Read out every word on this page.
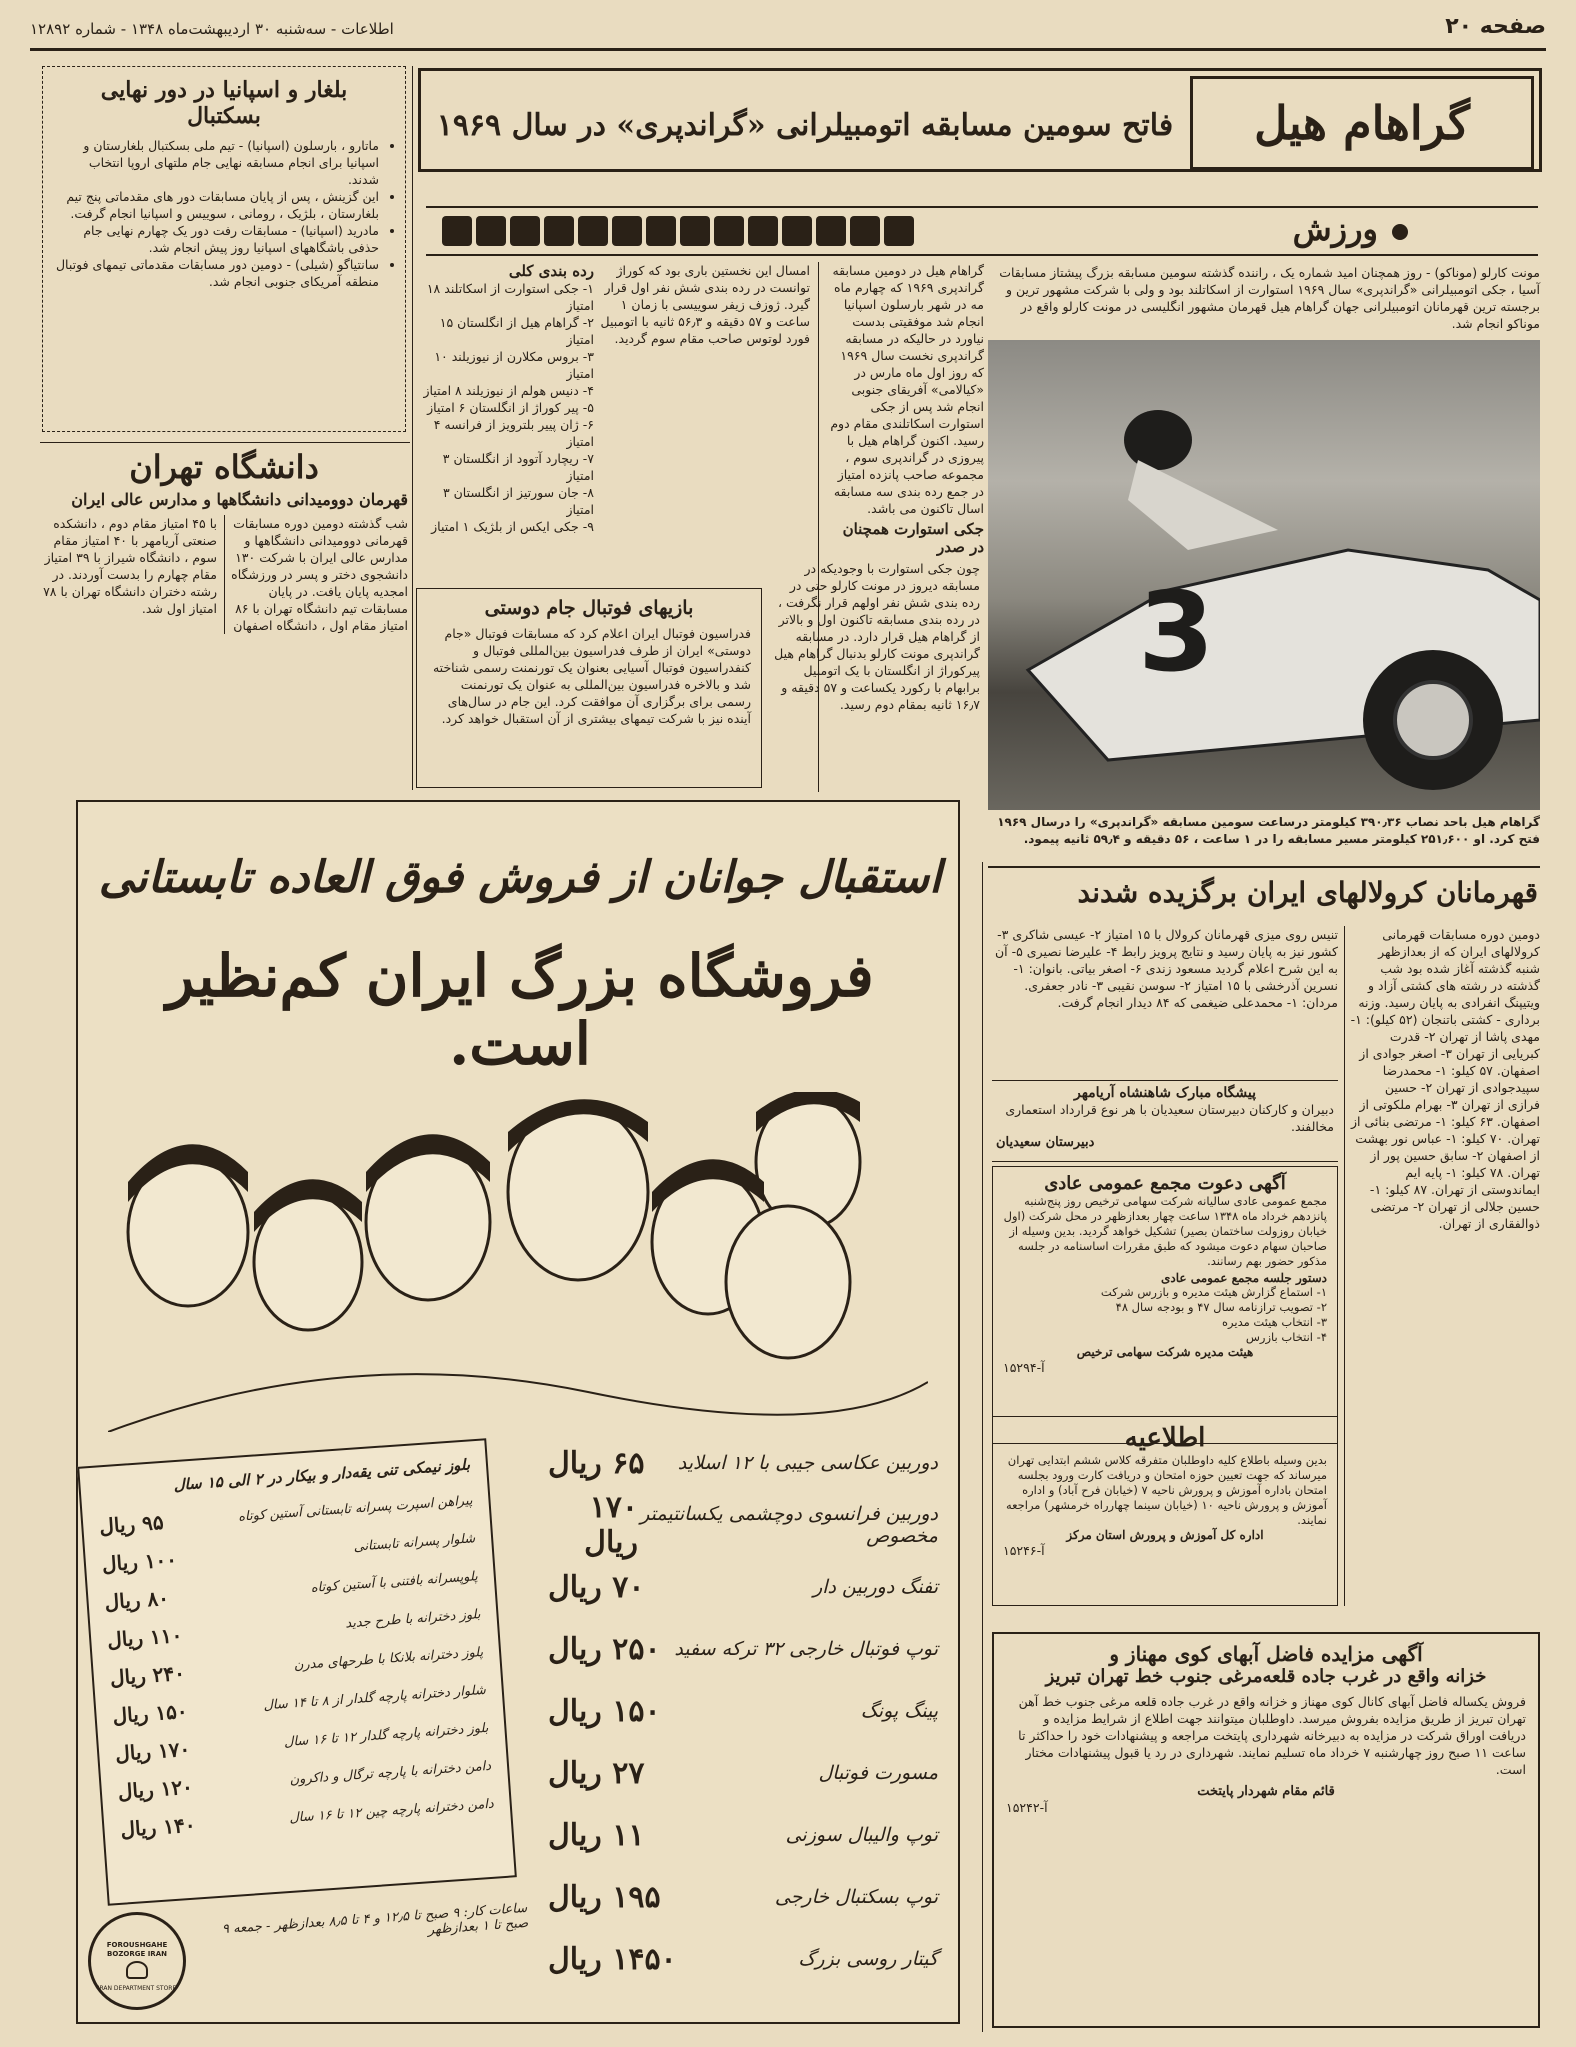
صفحه ۲۰
اطلاعات - سه‌شنبه ۳۰ اردیبهشت‌ماه ۱۳۴۸ - شماره ۱۲۸۹۲
بلغار و اسپانیا در دور نهایی
بسکتبال
• ماتارو ، بارسلون (اسپانیا) - تیم ملی بسکتبال بلغارستان و اسپانیا برای انجام مسابقه نهایی جام ملتهای اروپا انتخاب شدند.
• این گزینش ، پس از پایان مسابقات دور های مقدماتی پنج تیم بلغارستان ، بلژیک ، رومانی ، سوییس و اسپانیا انجام گرفت.
• مادرید (اسپانیا) - مسابقات رفت دور یک چهارم نهایی جام حذفی باشگاههای اسپانیا روز پیش انجام شد.
• سانتیاگو (شیلی) - دومین دور مسابقات مقدماتی تیمهای فوتبال منطقه آمریکای جنوبی انجام شد.
دانشگاه تهران
قهرمان دوومیدانی دانشگاهها و مدارس عالی ایران
شب گذشته دومین دوره مسابقات قهرمانی دوومیدانی دانشگاهها و مدارس عالی ایران با شرکت ۱۳۰ دانشجوی دختر و پسر در ورزشگاه امجدیه پایان یافت. در پایان مسابقات تیم دانشگاه تهران با ۸۶ امتیاز مقام اول ، دانشگاه اصفهان با ۴۵ امتیاز مقام دوم ، دانشکده صنعتی آریامهر با ۴۰ امتیاز مقام سوم ، دانشگاه شیراز با ۳۹ امتیاز مقام چهارم را بدست آوردند. در رشته دختران دانشگاه تهران با ۷۸ امتیاز اول شد.
گراهام هیل
فاتح سومین مسابقه اتومبیلرانی «گراندپری» در سال ۱۹۶۹
ورزش
مونت کارلو (موناکو) - روز همچنان امید شماره یک ، راننده گذشته سومین مسابقه بزرگ پیشتاز مسابقات آسیا ، جکی اتومبیلرانی «گراندپری» سال ۱۹۶۹ استوارت از اسکاتلند بود و ولی با شرکت مشهور ترین و برجسته ترین قهرمانان اتومبیلرانی جهان گراهام هیل قهرمان مشهور انگلیسی در مونت کارلو واقع در موناکو انجام شد.
گراهام هیل در دومین مسابقه گراندپری ۱۹۶۹ که چهارم ماه مه در شهر بارسلون اسپانیا انجام شد موفقیتی بدست نیاورد در حالیکه در مسابقه گراندپری نخست سال ۱۹۶۹ که روز اول ماه مارس در «کیالامی» آفریقای جنوبی انجام شد پس از جکی استوارت اسکاتلندی مقام دوم رسید. اکنون گراهام هیل با پیروزی در گراندپری سوم ، مجموعه صاحب پانزده امتیاز در جمع رده بندی سه مسابقه اسال تاکنون می باشد.
جکی استوارت همچنان در صدر
امسال این نخستین باری بود که کوراژ توانست در رده بندی شش نفر اول قرار گیرد. ژوزف زیفر سوییسی با زمان ۱ ساعت و ۵۷ دقیقه و ۵۶٫۳ ثانیه با اتومبیل فورد لوتوس صاحب مقام سوم گردید.
چون جکی استوارت با وجودیکه در مسابقه دیروز در مونت کارلو حتی در رده بندی شش نفر اولهم قرار نگرفت ، در رده بندی مسابقه تاکنون اول و بالاتر از گراهام هیل قرار دارد. در مسابقه گراندپری مونت کارلو بدنبال گراهام هیل پیرکوراژ از انگلستان با یک اتومبیل برابهام با رکورد یکساعت و ۵۷ دقیقه و ۱۶٫۷ ثانیه بمقام دوم رسید.
رده بندی کلی
۱- جکی استوارت از اسکاتلند ۱۸ امتیاز
۲- گراهام هیل از انگلستان ۱۵ امتیاز
۳- بروس مکلارن از نیوزیلند ۱۰ امتیاز
۴- دنیس هولم از نیوزیلند ۸ امتیاز
۵- پیر کوراژ از انگلستان ۶ امتیاز
۶- ژان پییر بلترویز از فرانسه ۴ امتیاز
۷- ریچارد آتوود از انگلستان ۳ امتیاز
۸- جان سورتیز از انگلستان ۳ امتیاز
۹- جکی ایکس از بلژیک ۱ امتیاز
بازیهای فوتبال جام دوستی
فدراسیون فوتبال ایران اعلام کرد که مسابقات فوتبال «جام دوستی» ایران از طرف فدراسیون بین‌المللی فوتبال و کنفدراسیون فوتبال آسیایی بعنوان یک تورنمنت رسمی شناخته شد و بالاخره فدراسیون بین‌المللی به عنوان یک تورنمنت رسمی برای برگزاری آن موافقت کرد. این جام در سال‌های آینده نیز با شرکت تیمهای بیشتری از آن استقبال خواهد کرد.
3
گراهام هیل باحد نصاب ۳۹۰٫۳۶ کیلومتر درساعت سومین مسابقه «گراندپری» را درسال ۱۹۶۹ فتح کرد. او ۲۵۱٫۶۰۰ کیلومتر مسیر مسابقه را در ۱ ساعت ، ۵۶ دقیقه و ۵۹٫۴ ثانیه پیمود.
استقبال جوانان از فروش فوق العاده تابستانی
فروشگاه بزرگ ایران کم‌نظیر است.
دوربین عکاسی جیبی با ۱۲ اسلاید
۶۵ ریال
دوربین فرانسوی دوچشمی یکسانتیمتر مخصوص
۱۷۰ ریال
تفنگ دوربین دار
۷۰ ریال
توپ فوتبال خارجی ۳۲ ترکه سفید
۲۵۰ ریال
پینگ پونگ
۱۵۰ ریال
مسورت فوتبال
۲۷ ریال
توپ والیبال سوزنی
۱۱ ریال
توپ بسکتبال خارجی
۱۹۵ ریال
گیتار روسی بزرگ
۱۴۵۰ ریال
بلوز نیمکی تنی یقه‌دار و بیکار در ۲ الی ۱۵ سال
پیراهن اسپرت پسرانه تابستانی آستین کوتاه
۹۵ ریال
شلوار پسرانه تابستانی
۱۰۰ ریال
پلوپسرانه بافتنی با آستین کوتاه
۸۰ ریال
بلوز دخترانه با طرح جدید
۱۱۰ ریال
پلوز دخترانه بلانکا با طرحهای مدرن
۲۴۰ ریال
شلوار دخترانه پارچه گلدار از ۸ تا ۱۴ سال
۱۵۰ ریال
بلوز دخترانه پارچه گلدار ۱۲ تا ۱۶ سال
۱۷۰ ریال
دامن دخترانه با پارچه ترگال و داکرون
۱۲۰ ریال
دامن دخترانه پارچه چین ۱۲ تا ۱۶ سال
۱۴۰ ریال
ساعات کار: ۹ صبح تا ۱۲٫۵ و ۴ تا ۸٫۵ بعدازظهر - جمعه ۹ صبح تا ۱ بعدازظهر
FOROUSHGAHE BOZORGE IRAN
IRAN DEPARTMENT STORE
قهرمانان کرولالهای ایران برگزیده شدند
دومین دوره مسابقات قهرمانی کرولالهای ایران که از بعدازظهر شنبه گذشته آغاز شده بود شب گذشته در رشته های کشتی آزاد و ویتیپنگ انفرادی به پایان رسید. وزنه برداری - کشتی باتنجان (۵۲ کیلو): ۱- مهدی پاشا از تهران ۲- قدرت کبریایی از تهران ۳- اصغر جوادی از اصفهان. ۵۷ کیلو: ۱- محمدرضا سپیدجوادی از تهران ۲- حسین فرازی از تهران ۳- بهرام ملکوتی از اصفهان. ۶۳ کیلو: ۱- مرتضی بنائی از تهران. ۷۰ کیلو: ۱- عباس نور بهشت از اصفهان ۲- سابق حسین پور از تهران. ۷۸ کیلو: ۱- پایه ایم ایماندوستی از تهران. ۸۷ کیلو: ۱- حسین جلالی از تهران ۲- مرتضی ذوالفقاری از تهران.
تنیس روی میزی قهرمانان کرولال با ۱۵ امتیاز ۲- عیسی شاکری ۳- کشور نیز به پایان رسید و نتایج پرویز رابط ۴- علیرضا نصیری ۵- آن به این شرح اعلام گردید مسعود زندی ۶- اصغر بیاتی. بانوان: ۱- نسرین آذرخشی با ۱۵ امتیاز ۲- سوسن نقیبی ۳- نادر جعفری. مردان: ۱- محمدعلی ضیغمی که ۸۴ دیدار انجام گرفت.
پیشگاه مبارک شاهنشاه آریامهر
دبیران و کارکنان دبیرستان سعیدیان با هر نوع قرارداد استعماری مخالفند.
دبیرستان سعیدیان
آگهی دعوت مجمع عمومی عادی
مجمع عمومی عادی سالیانه شرکت سهامی ترخیص روز پنج‌شنبه پانزدهم خرداد ماه ۱۳۴۸ ساعت چهار بعدازظهر در محل شرکت (اول خیابان روزولت ساختمان بصیر) تشکیل خواهد گردید. بدین وسیله از صاحبان سهام دعوت میشود که طبق مقررات اساسنامه در جلسه مذکور حضور بهم رسانند.
دستور جلسه مجمع عمومی عادی
۱- استماع گزارش هیئت مدیره و بازرس شرکت
۲- تصویب ترازنامه سال ۴۷ و بودجه سال ۴۸
۳- انتخاب هیئت مدیره
۴- انتخاب بازرس
هیئت مدیره شرکت سهامی ترخیص
آ-۱۵۲۹۴
اطلاعیه
بدین وسیله باطلاع کلیه داوطلبان متفرقه کلاس ششم ابتدایی تهران میرساند که جهت تعیین حوزه امتحان و دریافت کارت ورود بجلسه امتحان باداره آموزش و پرورش ناحیه ۷ (خیابان فرح آباد) و اداره آموزش و پرورش ناحیه ۱۰ (خیابان سینما چهارراه خرمشهر) مراجعه نمایند.
اداره کل آموزش و پرورش استان مرکز
آ-۱۵۲۴۶
آگهی مزایده فاضل آبهای کوی مهناز و
خزانه واقع در غرب جاده قلعه‌مرغی جنوب خط تهران تبریز
فروش یکساله فاضل آبهای کانال کوی مهناز و خزانه واقع در غرب جاده قلعه مرغی جنوب خط آهن تهران تبریز از طریق مزایده بفروش میرسد. داوطلبان میتوانند جهت اطلاع از شرایط مزایده و دریافت اوراق شرکت در مزایده به دبیرخانه شهرداری پایتخت مراجعه و پیشنهادات خود را حداکثر تا ساعت ۱۱ صبح روز چهارشنبه ۷ خرداد ماه تسلیم نمایند. شهرداری در رد یا قبول پیشنهادات مختار است.
قائم مقام شهردار پایتخت
آ-۱۵۲۴۲
